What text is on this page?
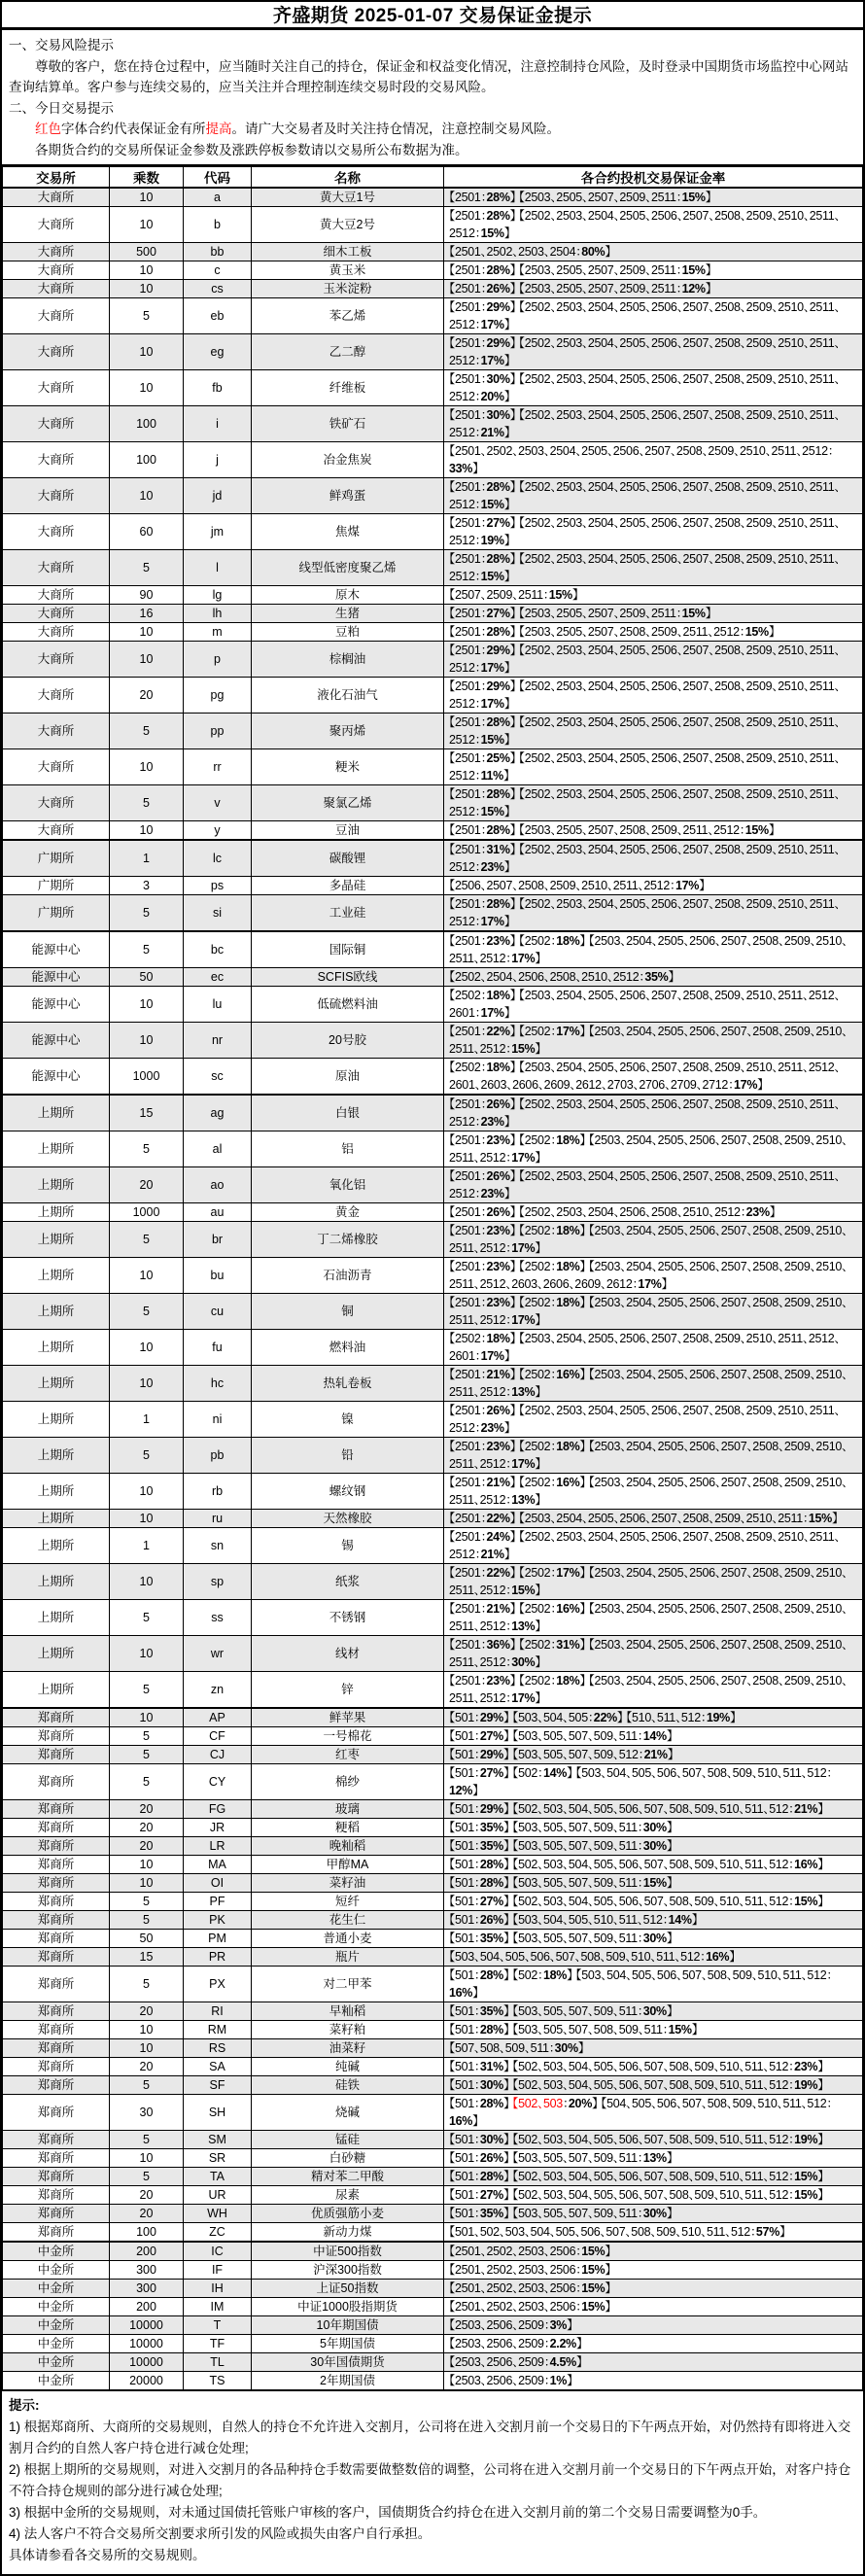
齐盛期货 2025-01-07 交易保证金提示
一、交易风险提示

尊敬的客户，您在持仓过程中，应当随时关注自己的持仓，保证金和权益变化情况，注意控制持仓风险，及时登录中国期货市场监控中心网站查询结算单。客户参与连续交易的，应当关注并合理控制连续交易时段的交易风险。

二、今日交易提示

红色字体合约代表保证金有所提高。请广大交易者及时关注持仓情况，注意控制交易风险。

各期货合约的交易所保证金参数及涨跌停板参数请以交易所公布数据为准。

交易所	乘数	代码	名称	各合约投机交易保证金率
大商所	10	a	黄大豆1号	【2501：28%】 【2503、2505、2507、2509、2511：15%】
大商所	10	b	黄大豆2号	【2501：28%】 【2502、2503、2504、2505、2506、2507、2508、2509、2510、2511、2512：15%】
大商所	500	bb	细木工板	【2501、2502、2503、2504：80%】
大商所	10	c	黄玉米	【2501：28%】 【2503、2505、2507、2509、2511：15%】
大商所	10	cs	玉米淀粉	【2501：26%】 【2503、2505、2507、2509、2511：12%】
大商所	5	eb	苯乙烯	【2501：29%】 【2502、2503、2504、2505、2506、2507、2508、2509、2510、2511、2512：17%】
大商所	10	eg	乙二醇	【2501：29%】 【2502、2503、2504、2505、2506、2507、2508、2509、2510、2511、2512：17%】
大商所	10	fb	纤维板	【2501：30%】 【2502、2503、2504、2505、2506、2507、2508、2509、2510、2511、2512：20%】
大商所	100	i	铁矿石	【2501：30%】 【2502、2503、2504、2505、2506、2507、2508、2509、2510、2511、2512：21%】
大商所	100	j	冶金焦炭	【2501、2502、2503、2504、2505、2506、2507、2508、2509、2510、2511、2512：33%】
大商所	10	jd	鲜鸡蛋	【2501：28%】 【2502、2503、2504、2505、2506、2507、2508、2509、2510、2511、2512：15%】
大商所	60	jm	焦煤	【2501：27%】 【2502、2503、2504、2505、2506、2507、2508、2509、2510、2511、2512：19%】
大商所	5	l	线型低密度聚乙烯	【2501：28%】 【2502、2503、2504、2505、2506、2507、2508、2509、2510、2511、2512：15%】
大商所	90	lg	原木	【2507、2509、2511：15%】
大商所	16	lh	生猪	【2501：27%】 【2503、2505、2507、2509、2511：15%】
大商所	10	m	豆粕	【2501：28%】 【2503、2505、2507、2508、2509、2511、2512：15%】
大商所	10	p	棕榈油	【2501：29%】 【2502、2503、2504、2505、2506、2507、2508、2509、2510、2511、2512：17%】
大商所	20	pg	液化石油气	【2501：29%】 【2502、2503、2504、2505、2506、2507、2508、2509、2510、2511、2512：17%】
大商所	5	pp	聚丙烯	【2501：28%】 【2502、2503、2504、2505、2506、2507、2508、2509、2510、2511、2512：15%】
大商所	10	rr	粳米	【2501：25%】 【2502、2503、2504、2505、2506、2507、2508、2509、2510、2511、2512：11%】
大商所	5	v	聚氯乙烯	【2501：28%】 【2502、2503、2504、2505、2506、2507、2508、2509、2510、2511、2512：15%】
大商所	10	y	豆油	【2501：28%】 【2503、2505、2507、2508、2509、2511、2512：15%】
广期所	1	lc	碳酸锂	【2501：31%】 【2502、2503、2504、2505、2506、2507、2508、2509、2510、2511、2512：23%】
广期所	3	ps	多晶硅	【2506、2507、2508、2509、2510、2511、2512：17%】
广期所	5	si	工业硅	【2501：28%】 【2502、2503、2504、2505、2506、2507、2508、2509、2510、2511、2512：17%】
能源中心	5	bc	国际铜	【2501：23%】 【2502：18%】 【2503、2504、2505、2506、2507、2508、2509、2510、2511、2512：17%】
能源中心	50	ec	SCFIS欧线	【2502、2504、2506、2508、2510、2512：35%】
能源中心	10	lu	低硫燃料油	【2502：18%】 【2503、2504、2505、2506、2507、2508、2509、2510、2511、2512、2601：17%】
能源中心	10	nr	20号胶	【2501：22%】 【2502：17%】 【2503、2504、2505、2506、2507、2508、2509、2510、2511、2512：15%】
能源中心	1000	sc	原油	【2502：18%】 【2503、2504、2505、2506、2507、2508、2509、2510、2511、2512、2601、2603、2606、2609、2612、2703、2706、2709、2712：17%】
上期所	15	ag	白银	【2501：26%】 【2502、2503、2504、2505、2506、2507、2508、2509、2510、2511、2512：23%】
上期所	5	al	铝	【2501：23%】 【2502：18%】 【2503、2504、2505、2506、2507、2508、2509、2510、2511、2512：17%】
上期所	20	ao	氧化铝	【2501：26%】 【2502、2503、2504、2505、2506、2507、2508、2509、2510、2511、2512：23%】
上期所	1000	au	黄金	【2501：26%】 【2502、2503、2504、2506、2508、2510、2512：23%】
上期所	5	br	丁二烯橡胶	【2501：23%】 【2502：18%】 【2503、2504、2505、2506、2507、2508、2509、2510、2511、2512：17%】
上期所	10	bu	石油沥青	【2501：23%】 【2502：18%】 【2503、2504、2505、2506、2507、2508、2509、2510、2511、2512、2603、2606、2609、2612：17%】
上期所	5	cu	铜	【2501：23%】 【2502：18%】 【2503、2504、2505、2506、2507、2508、2509、2510、2511、2512：17%】
上期所	10	fu	燃料油	【2502：18%】 【2503、2504、2505、2506、2507、2508、2509、2510、2511、2512、2601：17%】
上期所	10	hc	热轧卷板	【2501：21%】 【2502：16%】 【2503、2504、2505、2506、2507、2508、2509、2510、2511、2512：13%】
上期所	1	ni	镍	【2501：26%】 【2502、2503、2504、2505、2506、2507、2508、2509、2510、2511、2512：23%】
上期所	5	pb	铅	【2501：23%】 【2502：18%】 【2503、2504、2505、2506、2507、2508、2509、2510、2511、2512：17%】
上期所	10	rb	螺纹钢	【2501：21%】 【2502：16%】 【2503、2504、2505、2506、2507、2508、2509、2510、2511、2512：13%】
上期所	10	ru	天然橡胶	【2501：22%】 【2503、2504、2505、2506、2507、2508、2509、2510、2511：15%】
上期所	1	sn	锡	【2501：24%】 【2502、2503、2504、2505、2506、2507、2508、2509、2510、2511、2512：21%】
上期所	10	sp	纸浆	【2501：22%】 【2502：17%】 【2503、2504、2505、2506、2507、2508、2509、2510、2511、2512：15%】
上期所	5	ss	不锈钢	【2501：21%】 【2502：16%】 【2503、2504、2505、2506、2507、2508、2509、2510、2511、2512：13%】
上期所	10	wr	线材	【2501：36%】 【2502：31%】 【2503、2504、2505、2506、2507、2508、2509、2510、2511、2512：30%】
上期所	5	zn	锌	【2501：23%】 【2502：18%】 【2503、2504、2505、2506、2507、2508、2509、2510、2511、2512：17%】
郑商所	10	AP	鲜苹果	【501：29%】 【503、504、505：22%】 【510、511、512：19%】
郑商所	5	CF	一号棉花	【501：27%】 【503、505、507、509、511：14%】
郑商所	5	CJ	红枣	【501：29%】 【503、505、507、509、512：21%】
郑商所	5	CY	棉纱	【501：27%】 【502：14%】 【503、504、505、506、507、508、509、510、511、512：12%】
郑商所	20	FG	玻璃	【501：29%】 【502、503、504、505、506、507、508、509、510、511、512：21%】
郑商所	20	JR	粳稻	【501：35%】 【503、505、507、509、511：30%】
郑商所	20	LR	晚籼稻	【501：35%】 【503、505、507、509、511：30%】
郑商所	10	MA	甲醇MA	【501：28%】 【502、503、504、505、506、507、508、509、510、511、512：16%】
郑商所	10	OI	菜籽油	【501：28%】 【503、505、507、509、511：15%】
郑商所	5	PF	短纤	【501：27%】 【502、503、504、505、506、507、508、509、510、511、512：15%】
郑商所	5	PK	花生仁	【501：26%】 【503、504、505、510、511、512：14%】
郑商所	50	PM	普通小麦	【501：35%】 【503、505、507、509、511：30%】
郑商所	15	PR	瓶片	【503、504、505、506、507、508、509、510、511、512：16%】
郑商所	5	PX	对二甲苯	【501：28%】 【502：18%】 【503、504、505、506、507、508、509、510、511、512：16%】
郑商所	20	RI	早籼稻	【501：35%】 【503、505、507、509、511：30%】
郑商所	10	RM	菜籽粕	【501：28%】 【503、505、507、508、509、511：15%】
郑商所	10	RS	油菜籽	【507、508、509、511：30%】
郑商所	20	SA	纯碱	【501：31%】 【502、503、504、505、506、507、508、509、510、511、512：23%】
郑商所	5	SF	硅铁	【501：30%】 【502、503、504、505、506、507、508、509、510、511、512：19%】
郑商所	30	SH	烧碱	【501：28%】 【502、503：20%】 【504、505、506、507、508、509、510、511、512：16%】
郑商所	5	SM	锰硅	【501：30%】 【502、503、504、505、506、507、508、509、510、511、512：19%】
郑商所	10	SR	白砂糖	【501：26%】 【503、505、507、509、511：13%】
郑商所	5	TA	精对苯二甲酸	【501：28%】 【502、503、504、505、506、507、508、509、510、511、512：15%】
郑商所	20	UR	尿素	【501：27%】 【502、503、504、505、506、507、508、509、510、511、512：15%】
郑商所	20	WH	优质强筋小麦	【501：35%】 【503、505、507、509、511：30%】
郑商所	100	ZC	新动力煤	【501、502、503、504、505、506、507、508、509、510、511、512：57%】
中金所	200	IC	中证500指数	【2501、2502、2503、2506：15%】
中金所	300	IF	沪深300指数	【2501、2502、2503、2506：15%】
中金所	300	IH	上证50指数	【2501、2502、2503、2506：15%】
中金所	200	IM	中证1000股指期货	【2501、2502、2503、2506：15%】
中金所	10000	T	10年期国债	【2503、2506、2509：3%】
中金所	10000	TF	5年期国债	【2503、2506、2509：2.2%】
中金所	10000	TL	30年国债期货	【2503、2506、2509：4.5%】
中金所	20000	TS	2年期国债	【2503、2506、2509：1%】
提示:
1) 根据郑商所、大商所的交易规则，自然人的持仓不允许进入交割月，公司将在进入交割月前一个交易日的下午两点开始，对仍然持有即将进入交割月合约的自然人客户持仓进行减仓处理;
2) 根据上期所的交易规则，对进入交割月的各品种持仓手数需要做整数倍的调整，公司将在进入交割月前一个交易日的下午两点开始，对客户持仓不符合持仓规则的部分进行减仓处理;
3) 根据中金所的交易规则，对未通过国债托管账户审核的客户，国债期货合约持仓在进入交割月前的第二个交易日需要调整为0手。
4) 法人客户不符合交易所交割要求所引发的风险或损失由客户自行承担。
具体请参看各交易所的交易规则。
